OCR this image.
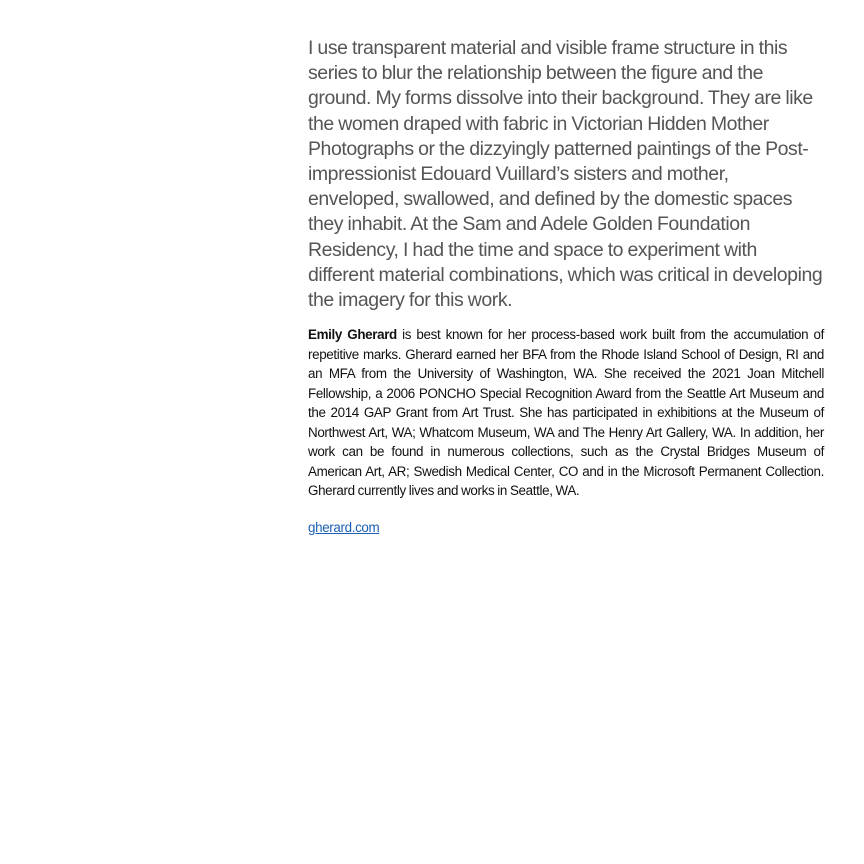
I use transparent material and visible frame structure in this series to blur the relationship between the figure and the ground. My forms dissolve into their background. They are like the women draped with fabric in Victorian Hidden Mother Photographs or the dizzyingly patterned paintings of the Post-impressionist Edouard Vuillard’s sisters and mother, enveloped, swallowed, and defined by the domestic spaces they inhabit. At the Sam and Adele Golden Foundation Residency, I had the time and space to experiment with different material combinations, which was critical in developing the imagery for this work.

Emily Gherard is best known for her process-based work built from the accumulation of repetitive marks. Gherard earned her BFA from the Rhode Island School of Design, RI and an MFA from the University of Washington, WA. She received the 2021 Joan Mitchell Fellowship, a 2006 PONCHO Special Recognition Award from the Seattle Art Museum and the 2014 GAP Grant from Art Trust. She has participated in exhibitions at the Museum of Northwest Art, WA; Whatcom Museum, WA and The Henry Art Gallery, WA. In addition, her work can be found in numerous collections, such as the Crystal Bridges Museum of American Art, AR; Swedish Medical Center, CO and in the Microsoft Permanent Collection. Gherard currently lives and works in Seattle, WA.

gherard.com
